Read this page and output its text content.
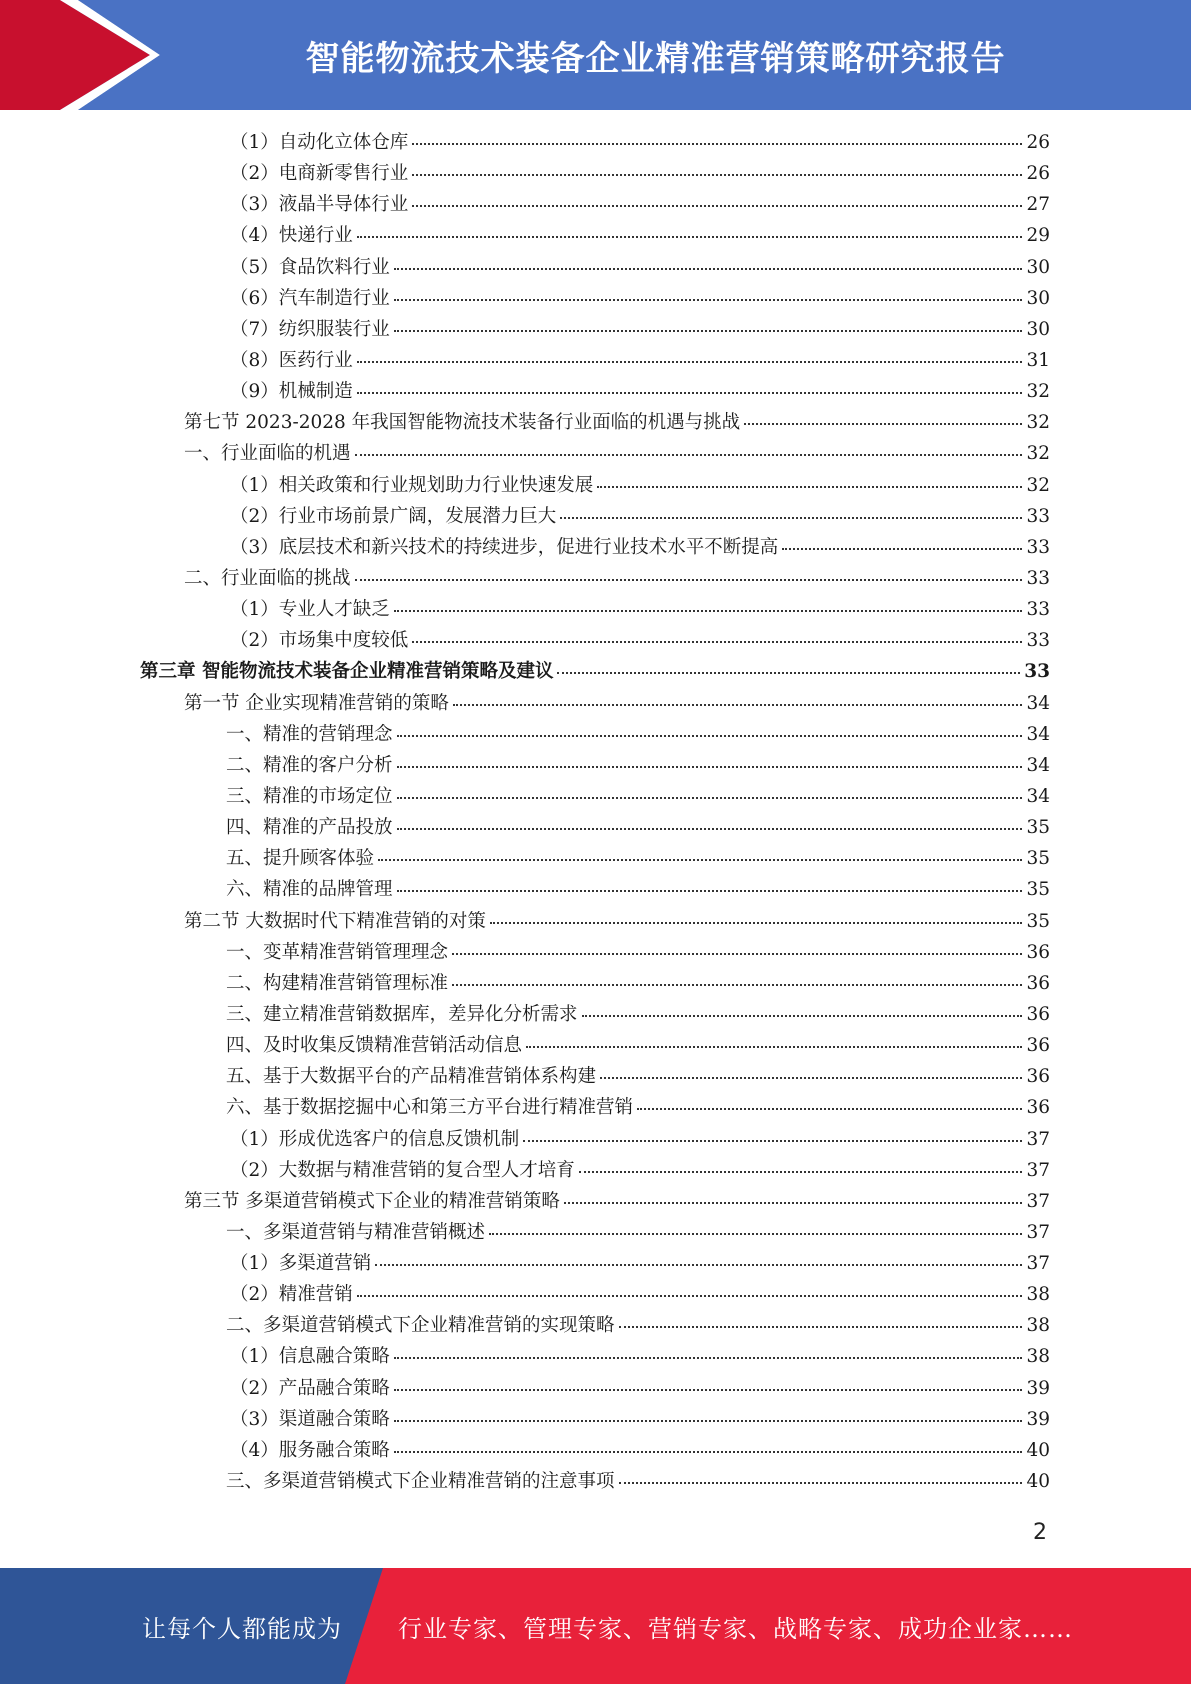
智能物流技术装备企业精准营销策略研究报告
（1）自动化立体仓库	26
（2）电商新零售行业	26
（3）液晶半导体行业	27
（4）快递行业	29
（5）食品饮料行业	30
（6）汽车制造行业	30
（7）纺织服装行业	30
（8）医药行业	31
（9）机械制造	32
第七节 2023-2028 年我国智能物流技术装备行业面临的机遇与挑战	32
一、行业面临的机遇	32
（1）相关政策和行业规划助力行业快速发展	32
（2）行业市场前景广阔，发展潜力巨大	33
（3）底层技术和新兴技术的持续进步，促进行业技术水平不断提高	33
二、行业面临的挑战	33
（1）专业人才缺乏	33
（2）市场集中度较低	33
第三章 智能物流技术装备企业精准营销策略及建议	33
第一节 企业实现精准营销的策略	34
一、精准的营销理念	34
二、精准的客户分析	34
三、精准的市场定位	34
四、精准的产品投放	35
五、提升顾客体验	35
六、精准的品牌管理	35
第二节 大数据时代下精准营销的对策	35
一、变革精准营销管理理念	36
二、构建精准营销管理标准	36
三、建立精准营销数据库，差异化分析需求	36
四、及时收集反馈精准营销活动信息	36
五、基于大数据平台的产品精准营销体系构建	36
六、基于数据挖掘中心和第三方平台进行精准营销	36
（1）形成优选客户的信息反馈机制	37
（2）大数据与精准营销的复合型人才培育	37
第三节 多渠道营销模式下企业的精准营销策略	37
一、多渠道营销与精准营销概述	37
（1）多渠道营销	37
（2）精准营销	38
二、多渠道营销模式下企业精准营销的实现策略	38
（1）信息融合策略	38
（2）产品融合策略	39
（3）渠道融合策略	39
（4）服务融合策略	40
三、多渠道营销模式下企业精准营销的注意事项	40
2
让每个人都能成为 行业专家、管理专家、营销专家、战略专家、成功企业家……
